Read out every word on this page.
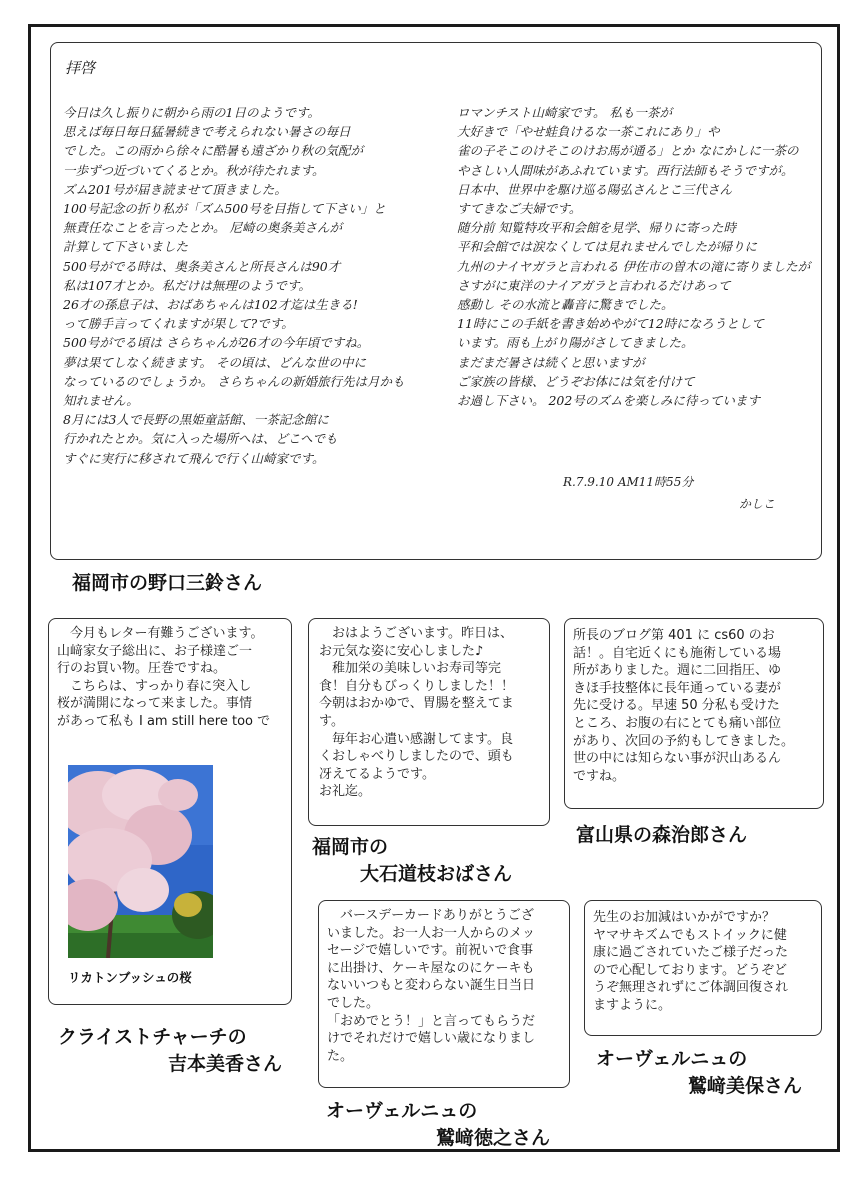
拝啓
今日は久し振りに朝から雨の1日のようです。
思えば毎日毎日猛暑続きで考えられない暑さの毎日
でした。この雨から徐々に酷暑も遠ざかり秋の気配が
一歩ずつ近づいてくるとか。秋が待たれます。
ズム201号が届き読ませて頂きました。
100号記念の折り私が「ズム500号を目指して下さい」と
無責任なことを言ったとか。 尼崎の奥条美さんが
計算して下さいました
500号がでる時は、奥条美さんと所長さんは90才
私は107才とか。私だけは無理のようです。
26才の孫息子は、おばあちゃんは102才迄は生きる!
って勝手言ってくれますが果して?です。
500号がでる頃は さらちゃんが26才の今年頃ですね。
夢は果てしなく続きます。 その頃は、どんな世の中に
なっているのでしょうか。 さらちゃんの新婚旅行先は月かも
知れません。
8月には3人で長野の黒姫童話館、一茶記念館に
行かれたとか。気に入った場所へは、どこへでも
すぐに実行に移されて飛んで行く山崎家です。
ロマンチスト山崎家です。 私も一茶が
大好きで「やせ蛙負けるな一茶これにあり」や
雀の子そこのけそこのけお馬が通る」とか なにかしに一茶の
やさしい人間味があふれています。西行法師もそうですが。
日本中、世界中を駆け巡る陽弘さんとこ三代さん
すてきなご夫婦です。
随分前 知覧特攻平和会館を見学、帰りに寄った時
平和会館では涙なくしては見れませんでしたが帰りに
九州のナイヤガラと言われる 伊佐市の曽木の滝に寄りましたが
さすがに東洋のナイアガラと言われるだけあって
感動し その水流と轟音に驚きでした。
11時にこの手紙を書き始めやがて12時になろうとして
います。雨も上がり陽がさしてきました。
まだまだ暑さは続くと思いますが
ご家族の皆様、どうぞお体には気を付けて
お過し下さい。 202号のズムを楽しみに待っています
R.7.9.10 AM11時55分
かしこ
福岡市の野口三鈴さん
　今月もレター有難うございます。
山﨑家女子総出に、お子様達ご一
行のお買い物。圧巻ですね。
　こちらは、すっかり春に突入し
桜が満開になって来ました。事情
があって私も I am still here too で
リカトンブッシュの桜
クライストチャーチの
吉本美香さん
　おはようございます。昨日は、
お元気な姿に安心しました♪
　稚加栄の美味しいお寿司等完
食！自分もびっくりしました！！
今朝はおかゆで、胃腸を整えてま
す。
　毎年お心遣い感謝してます。良
くおしゃべりしましたので、頭も
冴えてるようです。
お礼迄。
福岡市の
大石道枝おばさん
所長のブログ第 401 に cs60 のお
話！。自宅近くにも施術している場
所がありました。週に二回指圧、ゆ
きほ手技整体に長年通っている妻が
先に受ける。早速 50 分私も受けた
ところ、お腹の右にとても痛い部位
があり、次回の予約もしてきました。
世の中には知らない事が沢山あるん
ですね。
富山県の森治郎さん
　バースデーカードありがとうござ
いました。お一人お一人からのメッ
セージで嬉しいです。前祝いで食事
に出掛け、ケーキ屋なのにケーキも
ないいつもと変わらない誕生日当日
でした。
「おめでとう！」と言ってもらうだ
けでそれだけで嬉しい歳になりまし
た。
オーヴェルニュの
鷲﨑徳之さん
先生のお加減はいかがですか？
ヤマサキズムでもストイックに健
康に過ごされていたご様子だった
ので心配しております。どうぞど
うぞ無理されずにご体調回復され
ますように。
オーヴェルニュの
鷲﨑美保さん
